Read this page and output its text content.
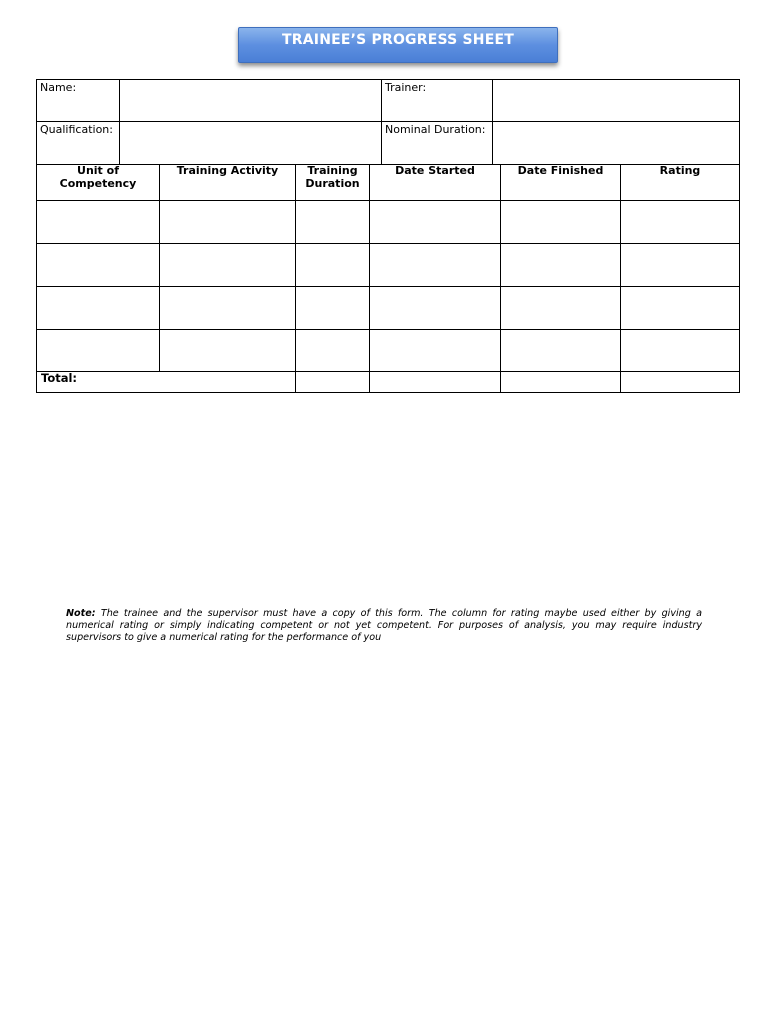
TRAINEE’S PROGRESS SHEET
Name:		Trainer:	
Qualification:		Nominal Duration:	
Unit of Competency	Training Activity	Training Duration	Date Started	Date Finished	Rating

Total:					
Note: The trainee and the supervisor must have a copy of this form. The column for rating maybe used either by giving a numerical rating or simply indicating competent or not yet competent. For purposes of analysis, you may require industry supervisors to give a numerical rating for the performance of you
